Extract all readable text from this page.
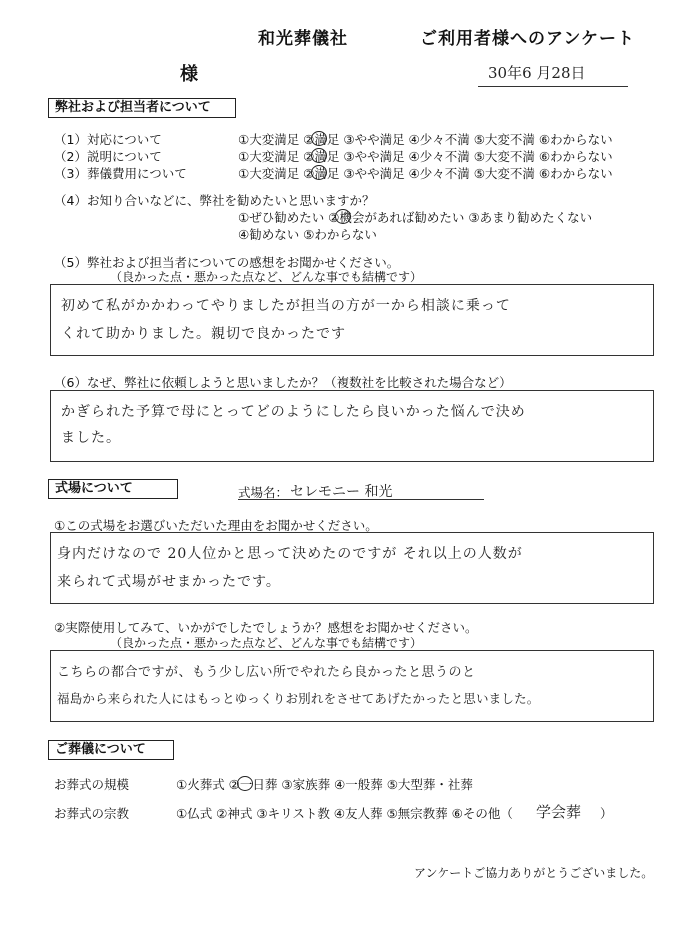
和光葬儀社	ご利用者様へのアンケート
様	30年6 月28日
弊社および担当者について
（1）対応について	①大変満足 ②満足 ③やや満足 ④少々不満 ⑤大変不満 ⑥わからない
（2）説明について	①大変満足 ②満足 ③やや満足 ④少々不満 ⑤大変不満 ⑥わからない
（3）葬儀費用について	①大変満足 ②満足 ③やや満足 ④少々不満 ⑤大変不満 ⑥わからない
（4）お知り合いなどに、弊社を勧めたいと思いますか？
①ぜひ勧めたい ②機会があれば勧めたい ③あまり勧めたくない
④勧めない ⑤わからない
（5）弊社および担当者についての感想をお聞かせください。
（良かった点・悪かった点など、どんな事でも結構です）
初めて私がかかわってやりましたが担当の方が一から相談に乗って
くれて助かりました。親切で良かったです
（6）なぜ、弊社に依頼しようと思いましたか？（複数社を比較された場合など）
かぎられた予算で母にとってどのようにしたら良いかった悩んで決め
ました。
式場について	式場名： セレモニー 和光
①この式場をお選びいただいた理由をお聞かせください。
身内だけなので 20人位かと思って決めたのですが それ以上の人数が
来られて式場がせまかったです。
②実際使用してみて、いかがでしたでしょうか？感想をお聞かせください。
（良かった点・悪かった点など、どんな事でも結構です）
こちらの都合ですが、もう少し広い所でやれたら良かったと思うのと
福島から来られた人にはもっとゆっくりお別れをさせてあげたかったと思いました。
ご葬儀について
お葬式の規模	①火葬式 ②一日葬 ③家族葬 ④一般葬 ⑤大型葬・社葬
お葬式の宗教	①仏式 ②神式 ③キリスト教 ④友人葬 ⑤無宗教葬 ⑥その他（ 学会葬 ）
アンケートご協力ありがとうございました。
